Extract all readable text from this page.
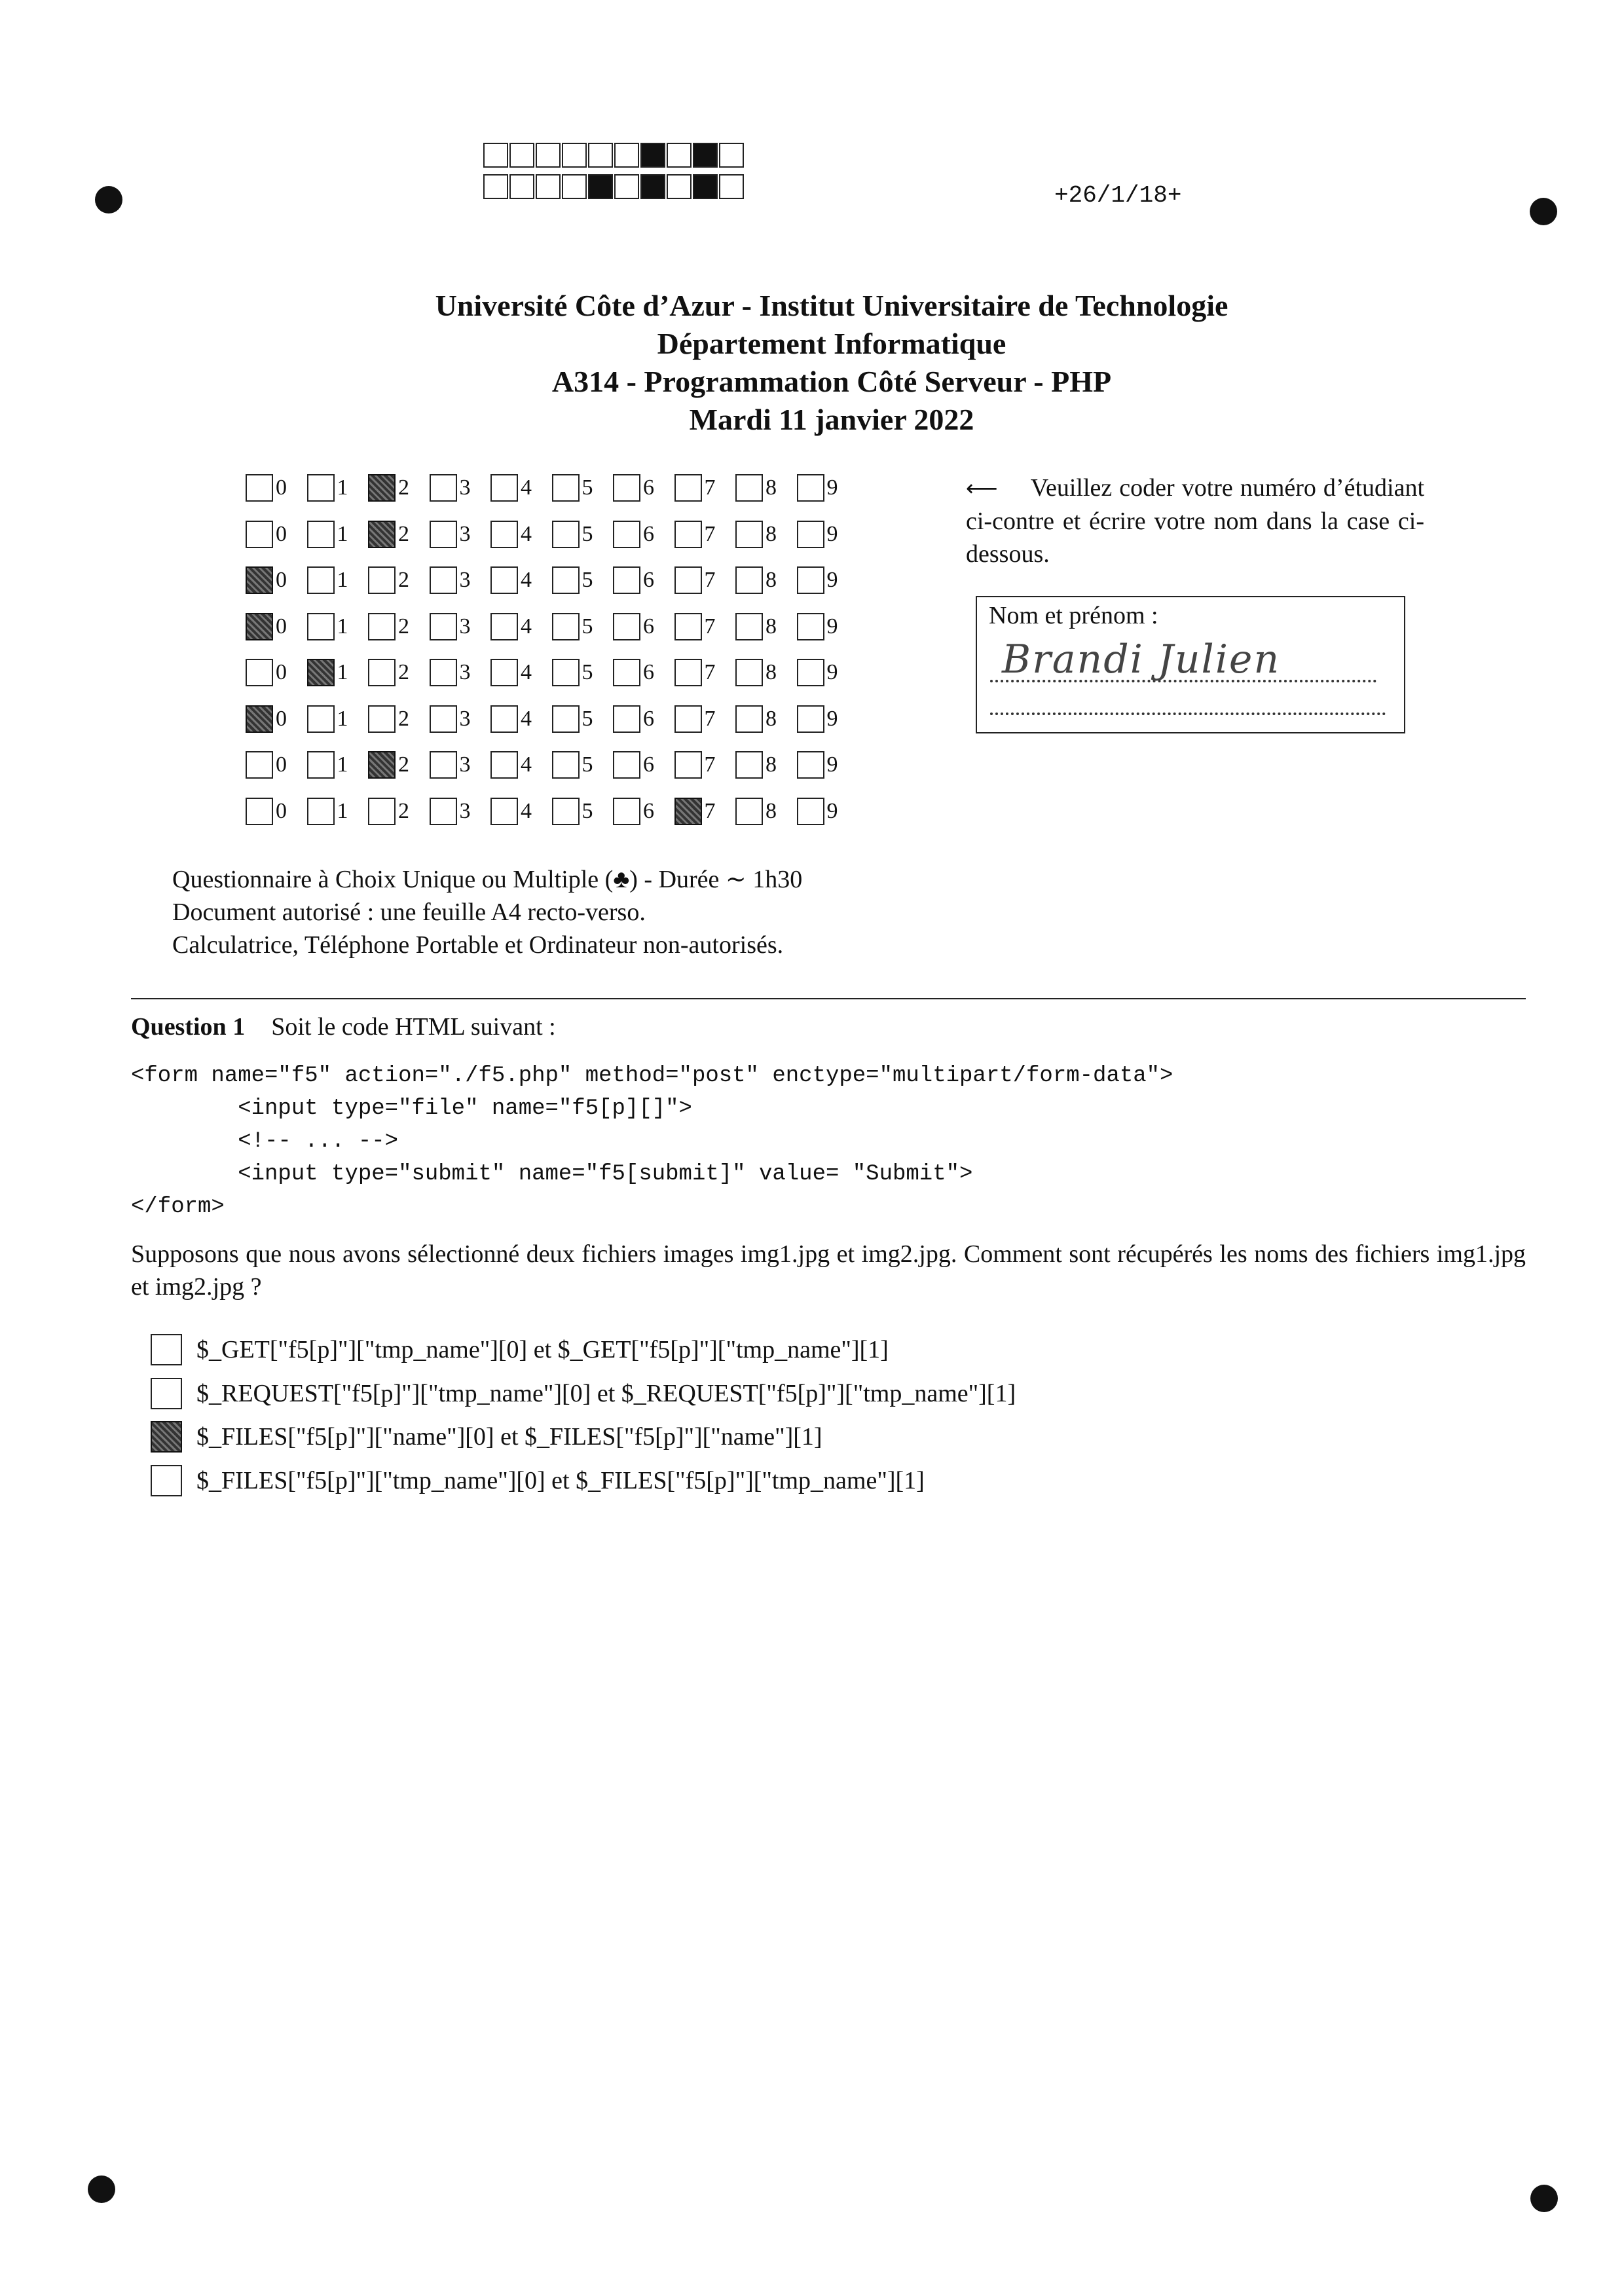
+26/1/18+
Université Côte d’Azur - Institut Universitaire de Technologie
Département Informatique
A314 - Programmation Côté Serveur - PHP
Mardi 11 janvier 2022
0 1 2 3 4 5 6 7 8 9
0 1 2 3 4 5 6 7 8 9
0 1 2 3 4 5 6 7 8 9
0 1 2 3 4 5 6 7 8 9
0 1 2 3 4 5 6 7 8 9
0 1 2 3 4 5 6 7 8 9
0 1 2 3 4 5 6 7 8 9
0 1 2 3 4 5 6 7 8 9
⟵ Veuillez coder votre numéro d’étudiant ci-contre et écrire votre nom dans la case ci-dessous.
Nom et prénom :
Brandi Julien
Questionnaire à Choix Unique ou Multiple (♣) - Durée ∼ 1h30
Document autorisé : une feuille A4 recto-verso.
Calculatrice, Téléphone Portable et Ordinateur non-autorisés.
Question 1 Soit le code HTML suivant :
<form name="f5" action="./f5.php" method="post" enctype="multipart/form-data">
<input type="file" name="f5[p][]">
<!-- ... -->
<input type="submit" name="f5[submit]" value= "Submit">
</form>
Supposons que nous avons sélectionné deux fichiers images img1.jpg et img2.jpg. Comment sont récupérés les noms des fichiers img1.jpg et img2.jpg ?
$_GET["f5[p]"]["tmp_name"][0] et $_GET["f5[p]"]["tmp_name"][1]
$_REQUEST["f5[p]"]["tmp_name"][0] et $_REQUEST["f5[p]"]["tmp_name"][1]
$_FILES["f5[p]"]["name"][0] et $_FILES["f5[p]"]["name"][1]
$_FILES["f5[p]"]["tmp_name"][0] et $_FILES["f5[p]"]["tmp_name"][1]
